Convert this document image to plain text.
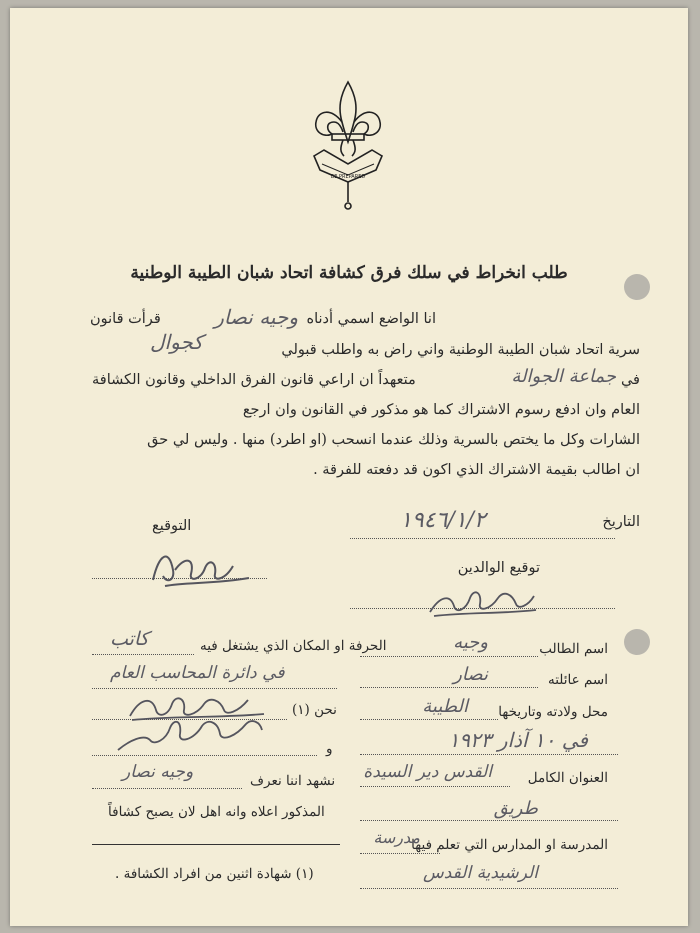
BE PREPARED
طلب انخراط في سلك فرق كشافة اتحاد شبان الطيبة الوطنية
انا الواضع اسمي أدناه
وجيه نصار
قرأت قانون
سرية اتحاد شبان الطيبة الوطنية واني راض به واطلب قبولي
كجوال
في
جماعة الجوالة
متعهداً ان اراعي قانون الفرق الداخلي وقانون الكشافة
العام وان ادفع رسوم الاشتراك كما هو مذكور في القانون وان ارجع
الشارات وكل ما يختص بالسرية وذلك عندما انسحب (او اطرد) منها . وليس لي حق
ان اطالب بقيمة الاشتراك الذي اكون قد دفعته للفرقة .
التاريخ
١٩٤٦/١/٢
التوقيع
توقيع الوالدين
اسم الطالب
وجيه
اسم عائلته
نصار
محل ولادته وتاريخها
الطيبة
في ١٠ آذار ١٩٢٣
العنوان الكامل
القدس دير السيدة
طريق
المدرسة او المدارس التي تعلم فيها
مدرسة
الرشيدية القدس
الحرفة او المكان الذي يشتغل فيه
كاتب
في دائرة المحاسب العام
نحن (١)
و
نشهد اننا نعرف
وجيه نصار
المذكور اعلاه وانه اهل لان يصبح كشافاً
(١) شهادة اثنين من افراد الكشافة .
